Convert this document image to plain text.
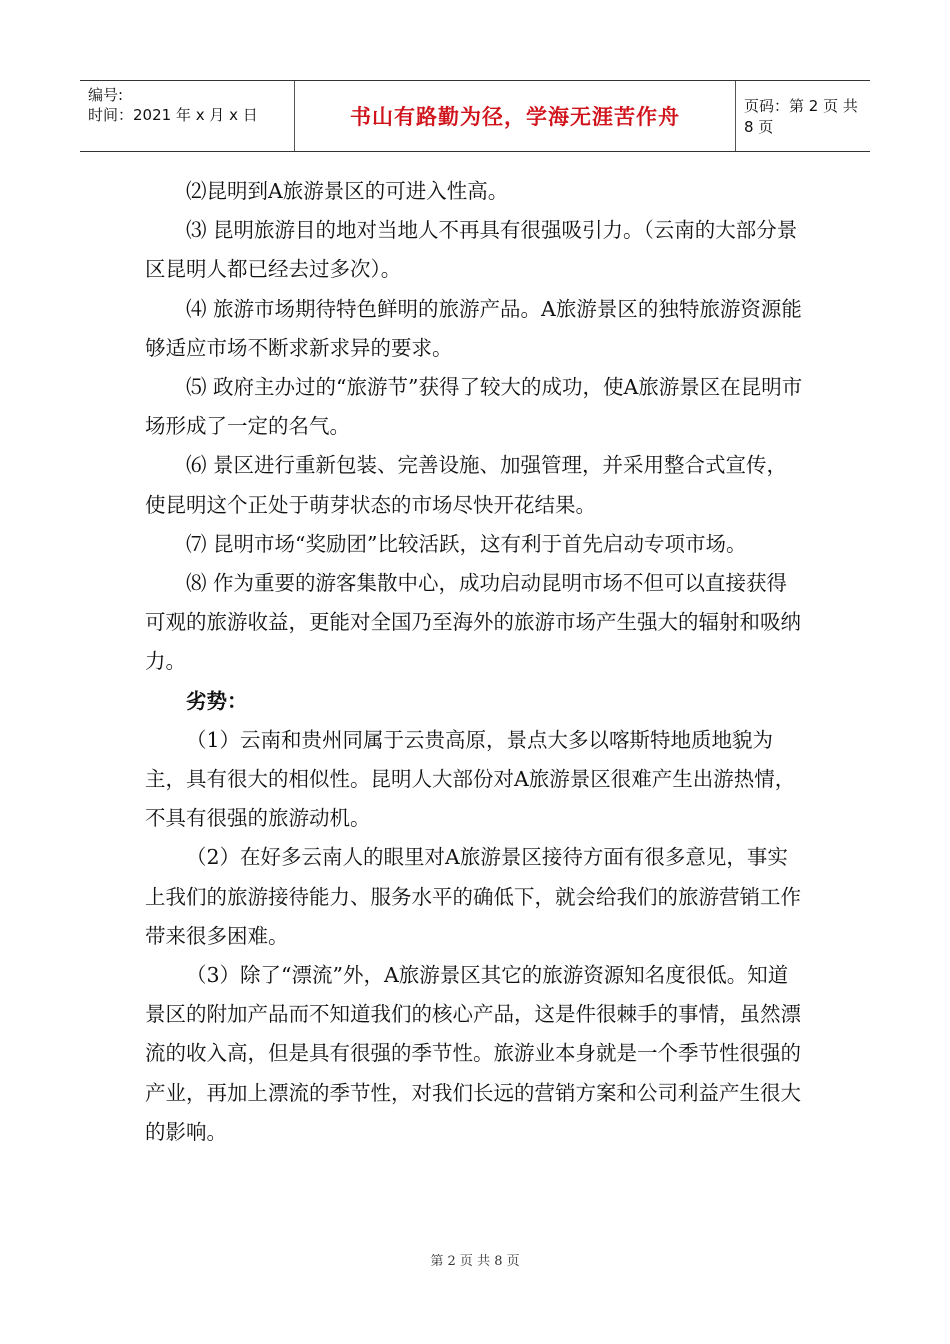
编号:
时间：2021 年 x 月 x 日	书山有路勤为径，学海无涯苦作舟	页码：第 2 页 共 8 页

⑵昆明到A旅游景区的可进入性高。

⑶ 昆明旅游目的地对当地人不再具有很强吸引力。（云南的大部分景区昆明人都已经去过多次）。

⑷ 旅游市场期待特色鲜明的旅游产品。A旅游景区的独特旅游资源能够适应市场不断求新求异的要求。

⑸ 政府主办过的“旅游节”获得了较大的成功，使A旅游景区在昆明市场形成了一定的名气。

⑹ 景区进行重新包装、完善设施、加强管理，并采用整合式宣传，使昆明这个正处于萌芽状态的市场尽快开花结果。

⑺ 昆明市场“奖励团”比较活跃，这有利于首先启动专项市场。

⑻ 作为重要的游客集散中心，成功启动昆明市场不但可以直接获得可观的旅游收益，更能对全国乃至海外的旅游市场产生强大的辐射和吸纳力。

劣势：

（1）云南和贵州同属于云贵高原，景点大多以喀斯特地质地貌为主，具有很大的相似性。昆明人大部份对A旅游景区很难产生出游热情，不具有很强的旅游动机。

（2）在好多云南人的眼里对A旅游景区接待方面有很多意见，事实上我们的旅游接待能力、服务水平的确低下，就会给我们的旅游营销工作带来很多困难。

（3）除了“漂流”外，A旅游景区其它的旅游资源知名度很低。知道景区的附加产品而不知道我们的核心产品，这是件很棘手的事情，虽然漂流的收入高，但是具有很强的季节性。旅游业本身就是一个季节性很强的产业，再加上漂流的季节性，对我们长远的营销方案和公司利益产生很大的影响。

第 2 页 共 8 页
